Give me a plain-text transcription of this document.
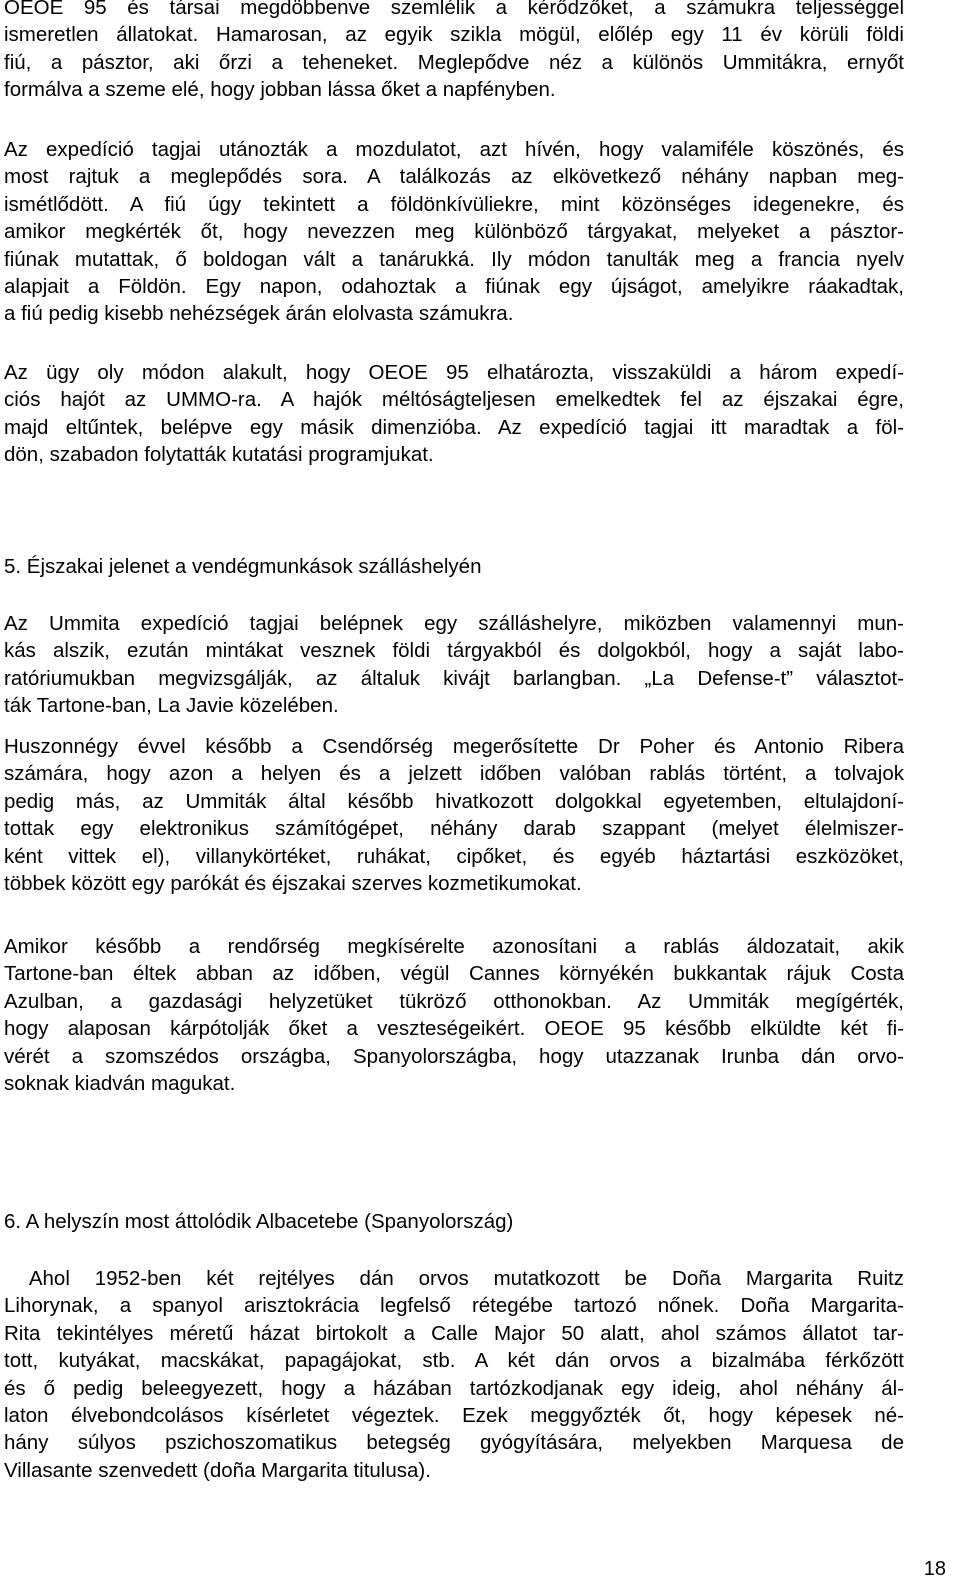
OEOE 95 és társai megdöbbenve szemlélik a kérődzőket, a számukra teljességgel
ismeretlen állatokat. Hamarosan, az egyik szikla mögül, előlép egy 11 év körüli földi
fiú, a pásztor, aki őrzi a teheneket. Meglepődve néz a különös Ummitákra, ernyőt
formálva a szeme elé, hogy jobban lássa őket a napfényben.
Az expedíció tagjai utánozták a mozdulatot, azt hívén, hogy valamiféle köszönés, és
most rajtuk a meglepődés sora. A találkozás az elkövetkező néhány napban meg-
ismétlődött. A fiú úgy tekintett a földönkívüliekre, mint közönséges idegenekre, és
amikor megkérték őt, hogy nevezzen meg különböző tárgyakat, melyeket a pásztor-
fiúnak mutattak, ő boldogan vált a tanárukká. Ily módon tanulták meg a francia nyelv
alapjait a Földön. Egy napon, odahoztak a fiúnak egy újságot, amelyikre ráakadtak,
a fiú pedig kisebb nehézségek árán elolvasta számukra.
Az ügy oly módon alakult, hogy OEOE 95 elhatározta, visszaküldi a három expedí-
ciós hajót az UMMO-ra. A hajók méltóságteljesen emelkedtek fel az éjszakai égre,
majd eltűntek, belépve egy másik dimenzióba. Az expedíció tagjai itt maradtak a föl-
dön, szabadon folytatták kutatási programjukat.
5. Éjszakai jelenet a vendégmunkások szálláshelyén
Az Ummita expedíció tagjai belépnek egy szálláshelyre, miközben valamennyi mun-
kás alszik, ezután mintákat vesznek földi tárgyakból és dolgokból, hogy a saját labo-
ratóriumukban megvizsgálják, az általuk kivájt barlangban. „La Defense-t” választot-
ták Tartone-ban, La Javie közelében.
Huszonnégy évvel később a Csendőrség megerősítette Dr Poher és Antonio Ribera
számára, hogy azon a helyen és a jelzett időben valóban rablás történt, a tolvajok
pedig más, az Ummiták által később hivatkozott dolgokkal egyetemben, eltulajdoní-
tottak egy elektronikus számítógépet, néhány darab szappant (melyet élelmiszer-
ként vittek el), villanykörtéket, ruhákat, cipőket, és egyéb háztartási eszközöket,
többek között egy parókát és éjszakai szerves kozmetikumokat.
Amikor később a rendőrség megkísérelte azonosítani a rablás áldozatait, akik
Tartone-ban éltek abban az időben, végül Cannes környékén bukkantak rájuk Costa
Azulban, a gazdasági helyzetüket tükröző otthonokban. Az Ummiták megígérték,
hogy alaposan kárpótolják őket a veszteségeikért. OEOE 95 később elküldte két fi-
vérét a szomszédos országba, Spanyolországba, hogy utazzanak Irunba dán orvo-
soknak kiadván magukat.
6. A helyszín most áttolódik Albacetebe (Spanyolország)
Ahol 1952-ben két rejtélyes dán orvos mutatkozott be Doña Margarita Ruitz
Lihorynak, a spanyol arisztokrácia legfelső rétegébe tartozó nőnek. Doña Margarita-
Rita tekintélyes méretű házat birtokolt a Calle Major 50 alatt, ahol számos állatot tar-
tott, kutyákat, macskákat, papagájokat, stb. A két dán orvos a bizalmába férkőzött
és ő pedig beleegyezett, hogy a házában tartózkodjanak egy ideig, ahol néhány ál-
laton élvebondcolásos kísérletet végeztek. Ezek meggyőzték őt, hogy képesek né-
hány súlyos pszichoszomatikus betegség gyógyítására, melyekben Marquesa de
Villasante szenvedett (doña Margarita titulusa).
18
